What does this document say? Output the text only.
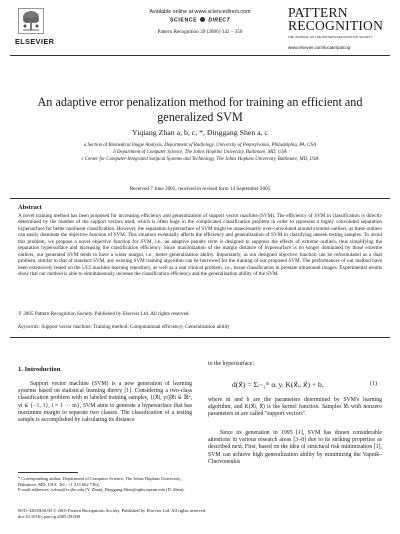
Available online at www.sciencedirect.com
SCIENCE DIRECT
Pattern Recognition 39 (2006) 342 – 350
ELSEVIER
PATTERN
RECOGNITION
THE JOURNAL OF THE PATTERN RECOGNITION SOCIETY
www.elsevier.com/locate/patcog
An adaptive error penalization method for training an efficient and generalized SVM
Yiqiang Zhan a, b, c, *, Dinggang Shen a, c
a Section of Biomedical Image Analysis, Department of Radiology, University of Pennsylvania, Philadelphia, PA, USA
b Department of Computer Science, The Johns Hopkins University, Baltimore, MD, USA
c Center for Computer-Integrated Surgical Systems and Technology, The Johns Hopkins University, Baltimore, MD, USA
Received 7 June 2005; received in revised form 14 September 2005
Abstract
A novel training method has been proposed for increasing efficiency and generalization of support vector machine (SVM). The efficiency of SVM in classification is directly determined by the number of the support vectors used, which is often huge in the complicated classification problem in order to represent a highly convoluted separation hypersurface for better nonlinear classification. However, the separation hypersurface of SVM might be unnecessarily over-convoluted around extreme outliers, as these outliers can easily dominate the objective function of SVM. This situation eventually affects the efficiency and generalization of SVM in classifying unseen testing samples. To avoid this problem, we propose a novel objective function for SVM, i.e., an adaptive penalty term is designed to suppress the effects of extreme outliers, thus simplifying the separation hypersurface and increasing the classification efficiency. Since maximization of the margin distance of hypersurface is no longer dominated by those extreme outliers, our generated SVM tends to have a wider margin, i.e., better generalization ability. Importantly, as our designed objective function can be reformulated as a dual problem, similar to that of standard SVM, any existing SVM training algorithm can be borrowed for the training of our proposed SVM. The performances of our method have been extensively tested on the UCI machine learning repository, as well as a real clinical problem, i.e., tissue classification in prostate ultrasound images. Experimental results show that our method is able to simultaneously increase the classification efficiency and the generalization ability of the SVM.
© 2005 Pattern Recognition Society. Published by Elsevier Ltd. All rights reserved.
Keywords: Support vector machine; Training method; Computational efficiency; Generalization ability
1. Introduction
Support vector machine (SVM) is a new generation of learning systems based on statistical learning theory [1]. Considering a two-class classification problem with m labeled training samples, {(x⃗i, yi)|x⃗i ∈ ℝⁿ, yi ∈ {−1, 1}, i = 1 ··· m}, SVM aims to generate a hypersurface that has maximum margin to separate two classes. The classification of a testing sample is accomplished by calculating its distance
to the hypersurface:
d(x⃗) = Σᵢ₌₁ᵐ αᵢ yᵢ K(x⃗ᵢ, x⃗) + b,	(1)
where αi and b are the parameters determined by SVM's learning algorithm, and K(x⃗i, x⃗) is the kernel function. Samples x⃗i with nonzero parameters αi are called "support vectors".
Since its generation in 1995 [1], SVM has drawn considerable attentions in various research areas [3–8] due to its striking properties as described next. First, based on the idea of structural risk minimization [1], SVM can achieve high generalization ability by minimizing the Vapnik–Chervonenkis
* Corresponding author. Department of Computer Science, The Johns Hopkins University, Baltimore, MD, USA. Tel.: +1 215 662 7362.
E-mail addresses: yzhan@cs.jhu.edu (Y. Zhan), Dinggang.Shen@uphs.upenn.edu (D. Shen).
0031-3203/$30.00 © 2005 Pattern Recognition Society. Published by Elsevier Ltd. All rights reserved.
doi:10.1016/j.patcog.2005.09.008
